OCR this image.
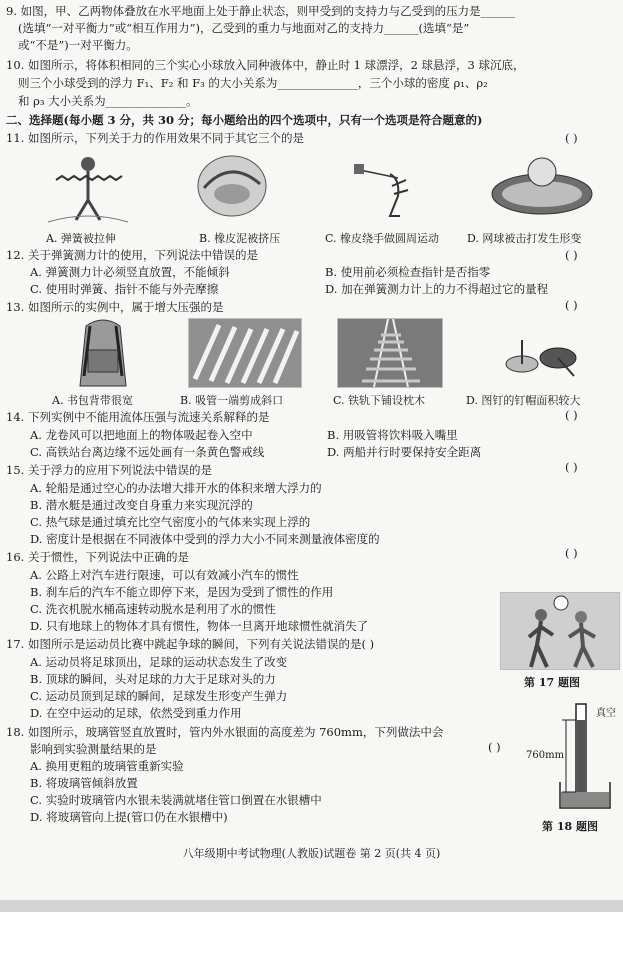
9. 如图，甲、乙两物体叠放在水平地面上处于静止状态，则甲受到的支持力与乙受到的压力是______
(选填“一对平衡力”或“相互作用力”)，乙受到的重力与地面对乙的支持力______(选填“是”
或“不是”)一对平衡力。
10. 如图所示，将体积相同的三个实心小球放入同种液体中，静止时 1 球漂浮，2 球悬浮，3 球沉底，
则三个小球受到的浮力 F₁、F₂ 和 F₃ 的大小关系为______________，三个小球的密度 ρ₁、ρ₂
和 ρ₃ 大小关系为______________。
二、选择题(每小题 3 分，共 30 分；每小题给出的四个选项中，只有一个选项是符合题意的)
11. 如图所示，下列关于力的作用效果不同于其它三个的是	( )
A. 弹簧被拉伸	B. 橡皮泥被挤压	C. 橡皮绕手做圆周运动	D. 网球被击打发生形变
12. 关于弹簧测力计的使用，下列说法中错误的是	( )
A. 弹簧测力计必须竖直放置，不能倾斜	B. 使用前必须检查指针是否指零
C. 使用时弹簧、指针不能与外壳摩擦	D. 加在弹簧测力计上的力不得超过它的量程
13. 如图所示的实例中，属于增大压强的是	( )
A. 书包背带很宽	B. 吸管一端剪成斜口	C. 铁轨下铺设枕木	D. 图钉的钉帽面积较大
14. 下列实例中不能用流体压强与流速关系解释的是	( )
A. 龙卷风可以把地面上的物体吸起卷入空中	B. 用吸管将饮料吸入嘴里
C. 高铁站台离边缘不远处画有一条黄色警戒线	D. 两船并行时要保持安全距离
15. 关于浮力的应用下列说法中错误的是	( )
A. 轮船是通过空心的办法增大排开水的体积来增大浮力的
B. 潜水艇是通过改变自身重力来实现沉浮的
C. 热气球是通过填充比空气密度小的气体来实现上浮的
D. 密度计是根据在不同液体中受到的浮力大小不同来测量液体密度的
16. 关于惯性，下列说法中正确的是	( )
A. 公路上对汽车进行限速，可以有效减小汽车的惯性
B. 刹车后的汽车不能立即停下来，是因为受到了惯性的作用
C. 洗衣机脱水桶高速转动脱水是利用了水的惯性
D. 只有地球上的物体才具有惯性，物体一旦离开地球惯性就消失了
第 17 题图
17. 如图所示是运动员比赛中跳起争球的瞬间，下列有关说法错误的是( )
A. 运动员将足球顶出，足球的运动状态发生了改变
B. 顶球的瞬间，头对足球的力大于足球对头的力
C. 运动员顶到足球的瞬间，足球发生形变产生弹力
D. 在空中运动的足球，依然受到重力作用
18. 如图所示，玻璃管竖直放置时，管内外水银面的高度差为 760mm，下列做法中会
影响到实验测量结果的是	( )
A. 换用更粗的玻璃管重新实验
B. 将玻璃管倾斜放置
C. 实验时玻璃管内水银未装满就堵住管口倒置在水银槽中
D. 将玻璃管向上提(管口仍在水银槽中)
真空
760mm
第 18 题图
八年级期中考试物理(人教版)试题卷 第 2 页(共 4 页)
